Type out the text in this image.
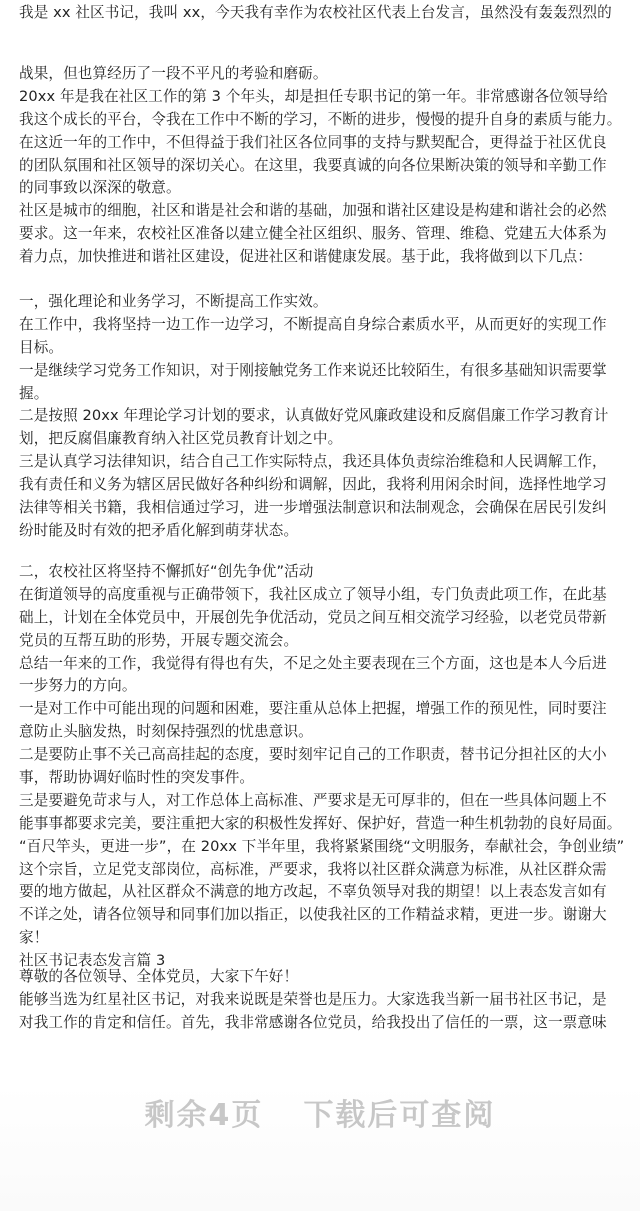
我是 xx 社区书记，我叫 xx，今天我有幸作为农校社区代表上台发言，虽然没有轰轰烈烈的
战果，但也算经历了一段不平凡的考验和磨砺。
20xx 年是我在社区工作的第 3 个年头，却是担任专职书记的第一年。非常感谢各位领导给
我这个成长的平台，令我在工作中不断的学习，不断的进步，慢慢的提升自身的素质与能力。
在这近一年的工作中，不但得益于我们社区各位同事的支持与默契配合，更得益于社区优良
的团队氛围和社区领导的深切关心。在这里，我要真诚的向各位果断决策的领导和辛勤工作
的同事致以深深的敬意。
社区是城市的细胞，社区和谐是社会和谐的基础，加强和谐社区建设是构建和谐社会的必然
要求。这一年来，农校社区准备以建立健全社区组织、服务、管理、维稳、党建五大体系为
着力点，加快推进和谐社区建设，促进社区和谐健康发展。基于此，我将做到以下几点：
一，强化理论和业务学习，不断提高工作实效。
在工作中，我将坚持一边工作一边学习，不断提高自身综合素质水平，从而更好的实现工作
目标。
一是继续学习党务工作知识，对于刚接触党务工作来说还比较陌生，有很多基础知识需要掌
握。
二是按照 20xx 年理论学习计划的要求，认真做好党风廉政建设和反腐倡廉工作学习教育计
划，把反腐倡廉教育纳入社区党员教育计划之中。
三是认真学习法律知识，结合自己工作实际特点，我还具体负责综治维稳和人民调解工作，
我有责任和义务为辖区居民做好各种纠纷和调解，因此，我将利用闲余时间，选择性地学习
法律等相关书籍，我相信通过学习，进一步增强法制意识和法制观念，会确保在居民引发纠
纷时能及时有效的把矛盾化解到萌芽状态。
二，农校社区将坚持不懈抓好“创先争优”活动
在街道领导的高度重视与正确带领下，我社区成立了领导小组，专门负责此项工作，在此基
础上，计划在全体党员中，开展创先争优活动，党员之间互相交流学习经验，以老党员带新
党员的互帮互助的形势，开展专题交流会。
总结一年来的工作，我觉得有得也有失，不足之处主要表现在三个方面，这也是本人今后进
一步努力的方向。
一是对工作中可能出现的问题和困难，要注重从总体上把握，增强工作的预见性，同时要注
意防止头脑发热，时刻保持强烈的忧患意识。
二是要防止事不关己高高挂起的态度，要时刻牢记自己的工作职责，替书记分担社区的大小
事，帮助协调好临时性的突发事件。
三是要避免苛求与人，对工作总体上高标准、严要求是无可厚非的，但在一些具体问题上不
能事事都要求完美，要注重把大家的积极性发挥好、保护好，营造一种生机勃勃的良好局面。
“百尺竿头，更进一步”，在 20xx 下半年里，我将紧紧围绕“文明服务，奉献社会，争创业绩”
这个宗旨，立足党支部岗位，高标准，严要求，我将以社区群众满意为标准，从社区群众需
要的地方做起，从社区群众不满意的地方改起，不辜负领导对我的期望！以上表态发言如有
不详之处，请各位领导和同事们加以指正，以使我社区的工作精益求精，更进一步。谢谢大
家！
社区书记表态发言篇 3
尊敬的各位领导、全体党员，大家下午好！
能够当选为红星社区书记，对我来说既是荣誉也是压力。大家选我当新一届书社区书记，是
对我工作的肯定和信任。首先，我非常感谢各位党员，给我投出了信任的一票，这一票意味
剩余4页 下载后可查阅
